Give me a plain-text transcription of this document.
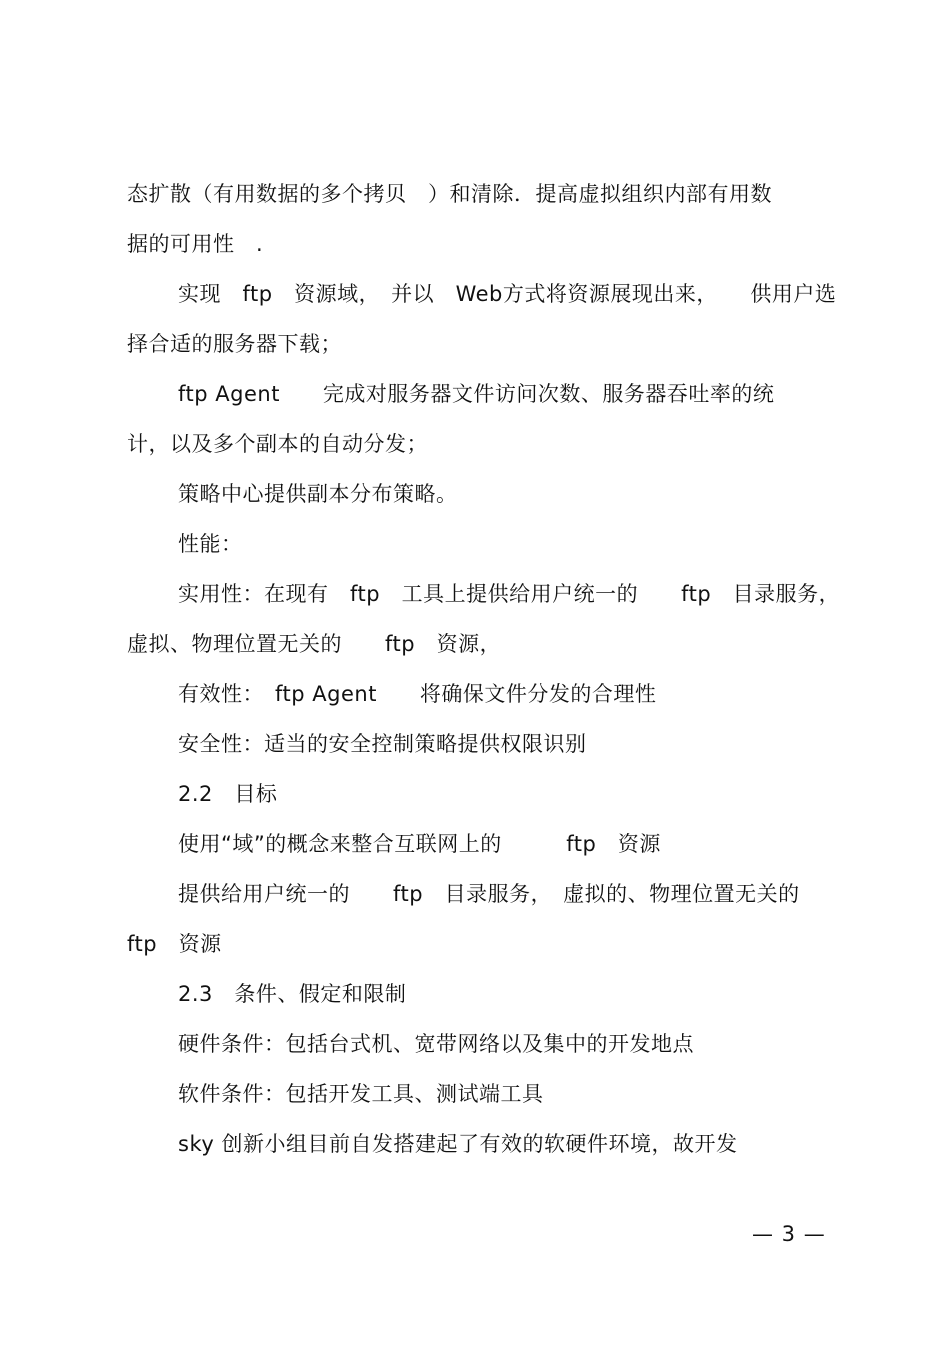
态扩散（有用数据的多个拷贝　）和清除．提高虚拟组织内部有用数
据的可用性　.
实现　ftp　资源域，　并以　Web方式将资源展现出来，　　供用户选
择合适的服务器下载；
ftp Agent　　完成对服务器文件访问次数、服务器吞吐率的统
计，以及多个副本的自动分发；
策略中心提供副本分布策略。
性能：
实用性：在现有　ftp　工具上提供给用户统一的　　ftp　目录服务，
虚拟、物理位置无关的　　ftp　资源，
有效性：　ftp Agent　　将确保文件分发的合理性
安全性：适当的安全控制策略提供权限识别
2.2　目标
使用“域”的概念来整合互联网上的　　　ftp　资源
提供给用户统一的　　ftp　目录服务，　虚拟的、物理位置无关的
ftp　资源
2.3　条件、假定和限制
硬件条件：包括台式机、宽带网络以及集中的开发地点
软件条件：包括开发工具、测试端工具
sky 创新小组目前自发搭建起了有效的软硬件环境，故开发
— 3 —
